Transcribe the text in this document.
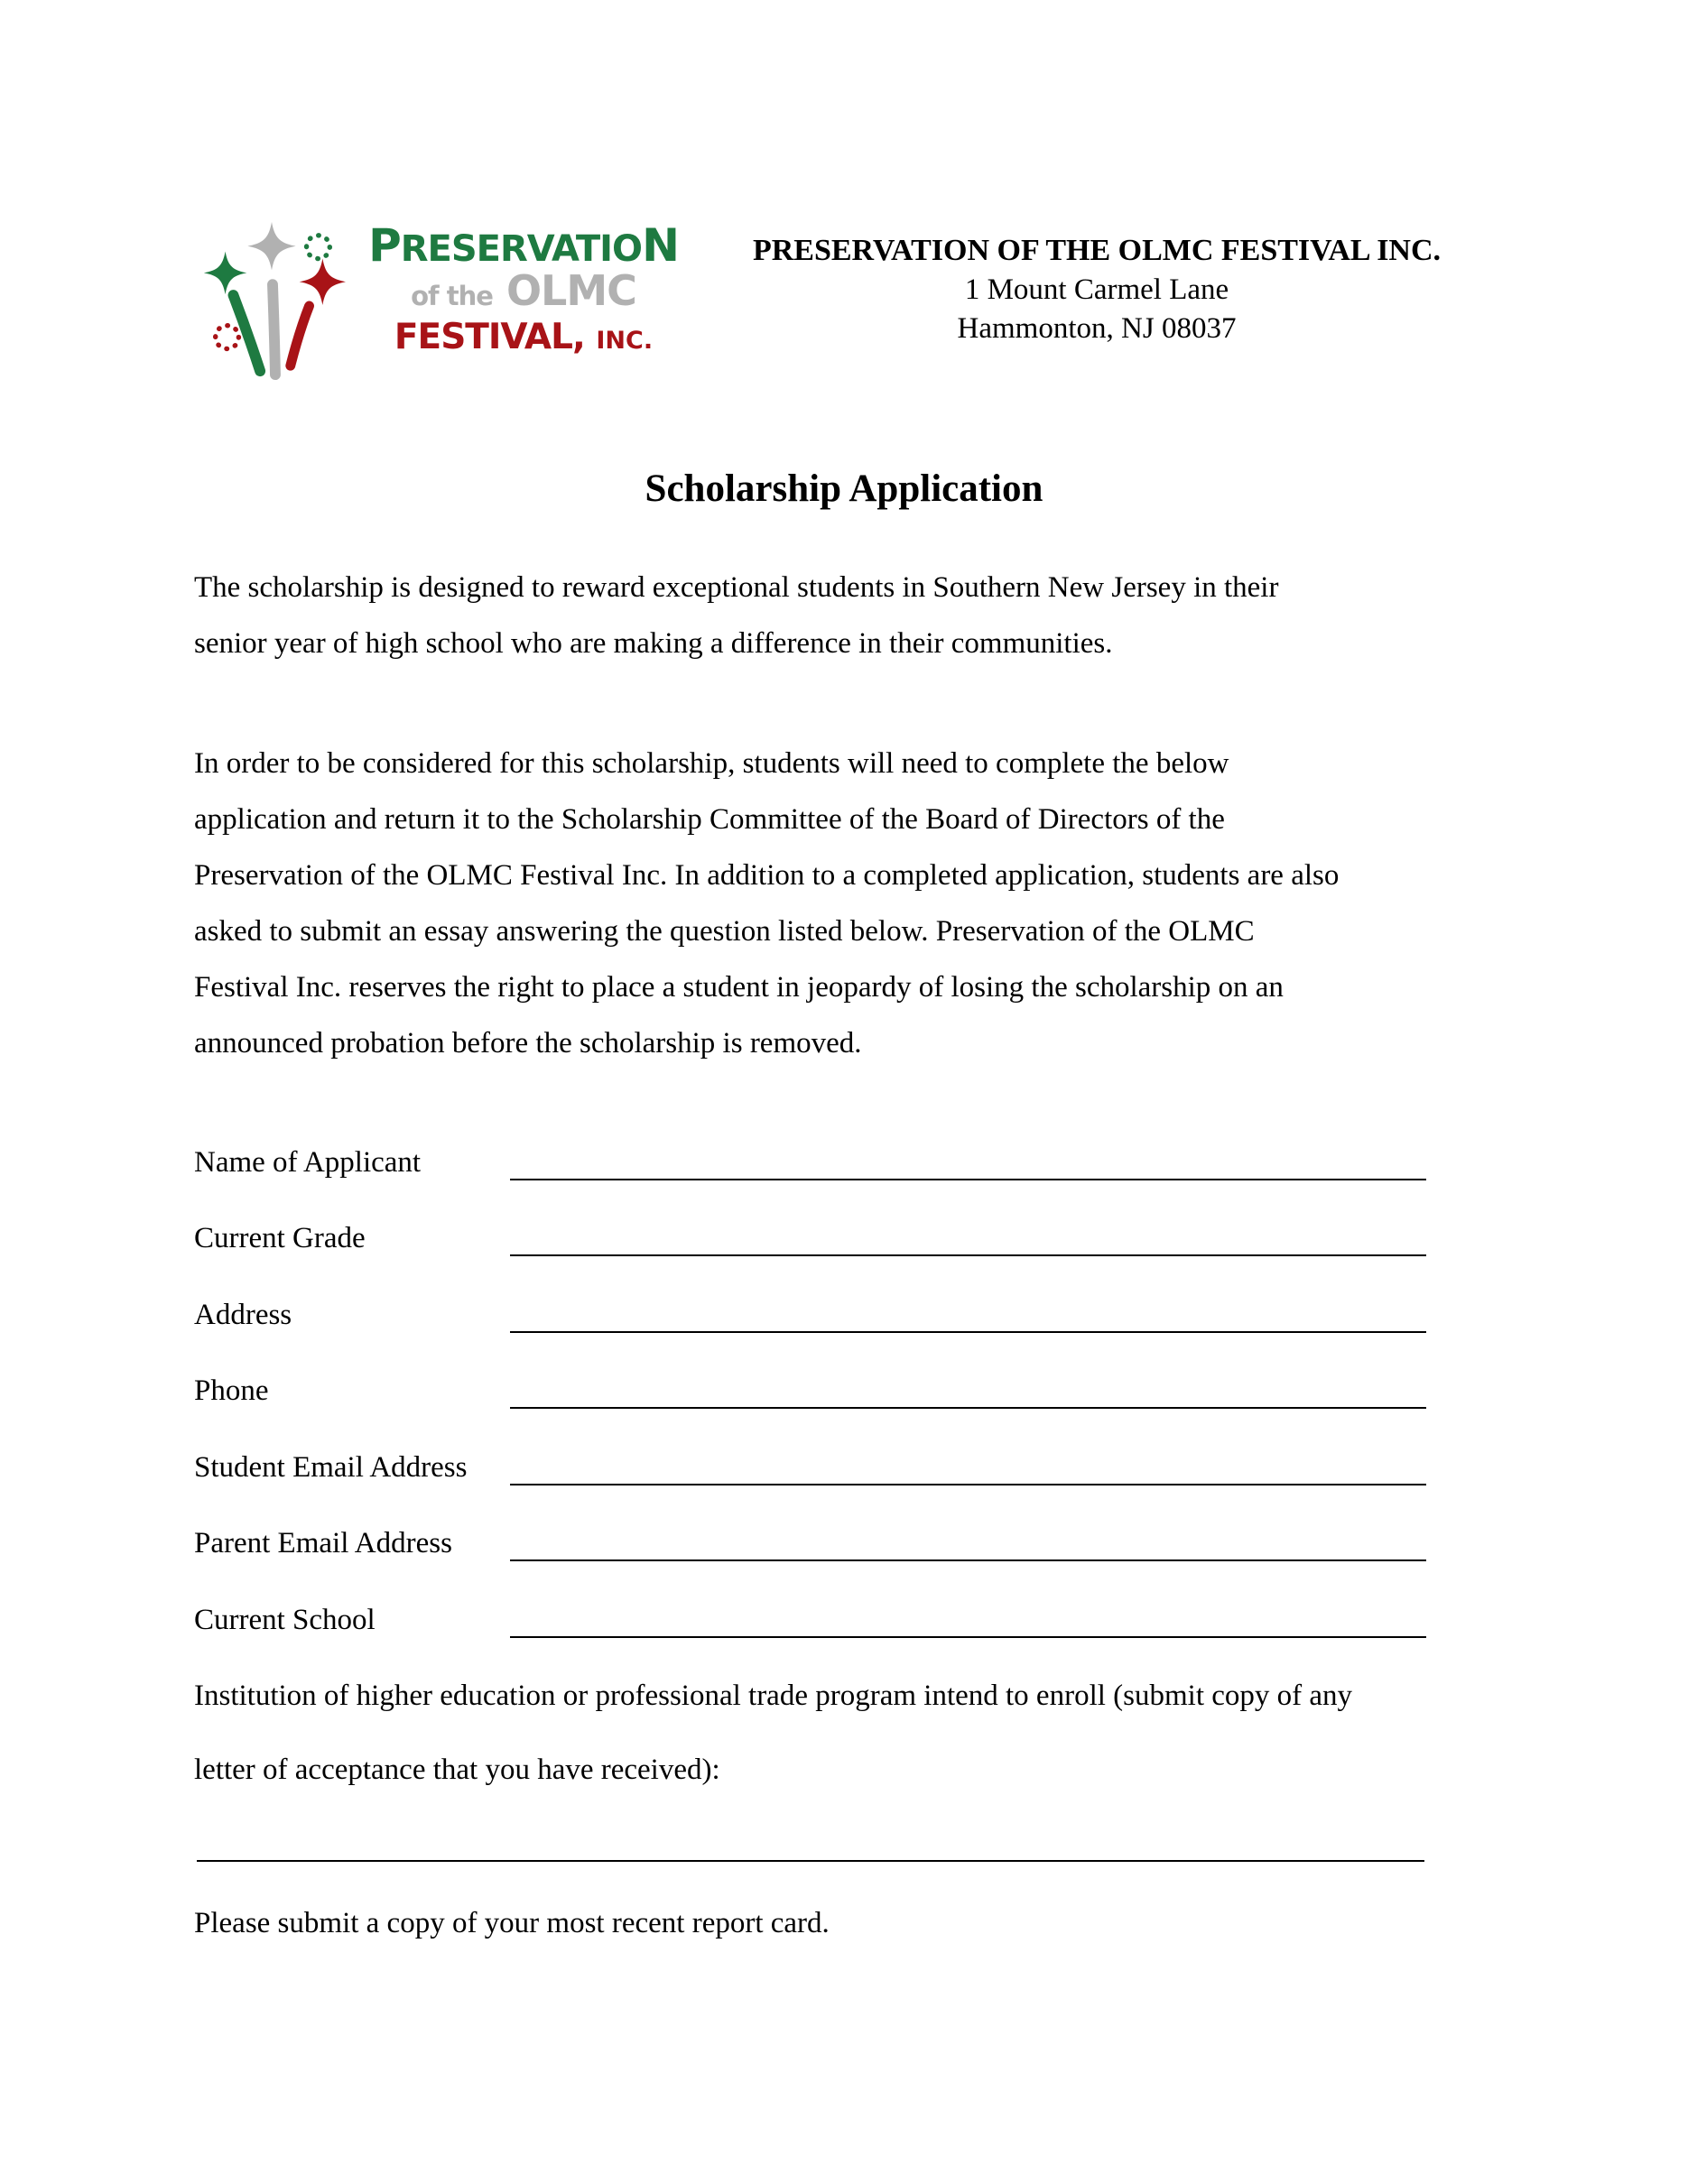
PRESERVATION
of the OLMC
FESTIVAL, INC.
PRESERVATION OF THE OLMC FESTIVAL INC.
1 Mount Carmel Lane
Hammonton, NJ 08037
Scholarship Application
The scholarship is designed to reward exceptional students in Southern New Jersey in their
senior year of high school who are making a difference in their communities.
In order to be considered for this scholarship, students will need to complete the below
application and return it to the Scholarship Committee of the Board of Directors of the
Preservation of the OLMC Festival Inc. In addition to a completed application, students are also
asked to submit an essay answering the question listed below. Preservation of the OLMC
Festival Inc. reserves the right to place a student in jeopardy of losing the scholarship on an
announced probation before the scholarship is removed.
Name of Applicant
Current Grade
Address
Phone
Student Email Address
Parent Email Address
Current School
Institution of higher education or professional trade program intend to enroll (submit copy of any
letter of acceptance that you have received):
Please submit a copy of your most recent report card.
